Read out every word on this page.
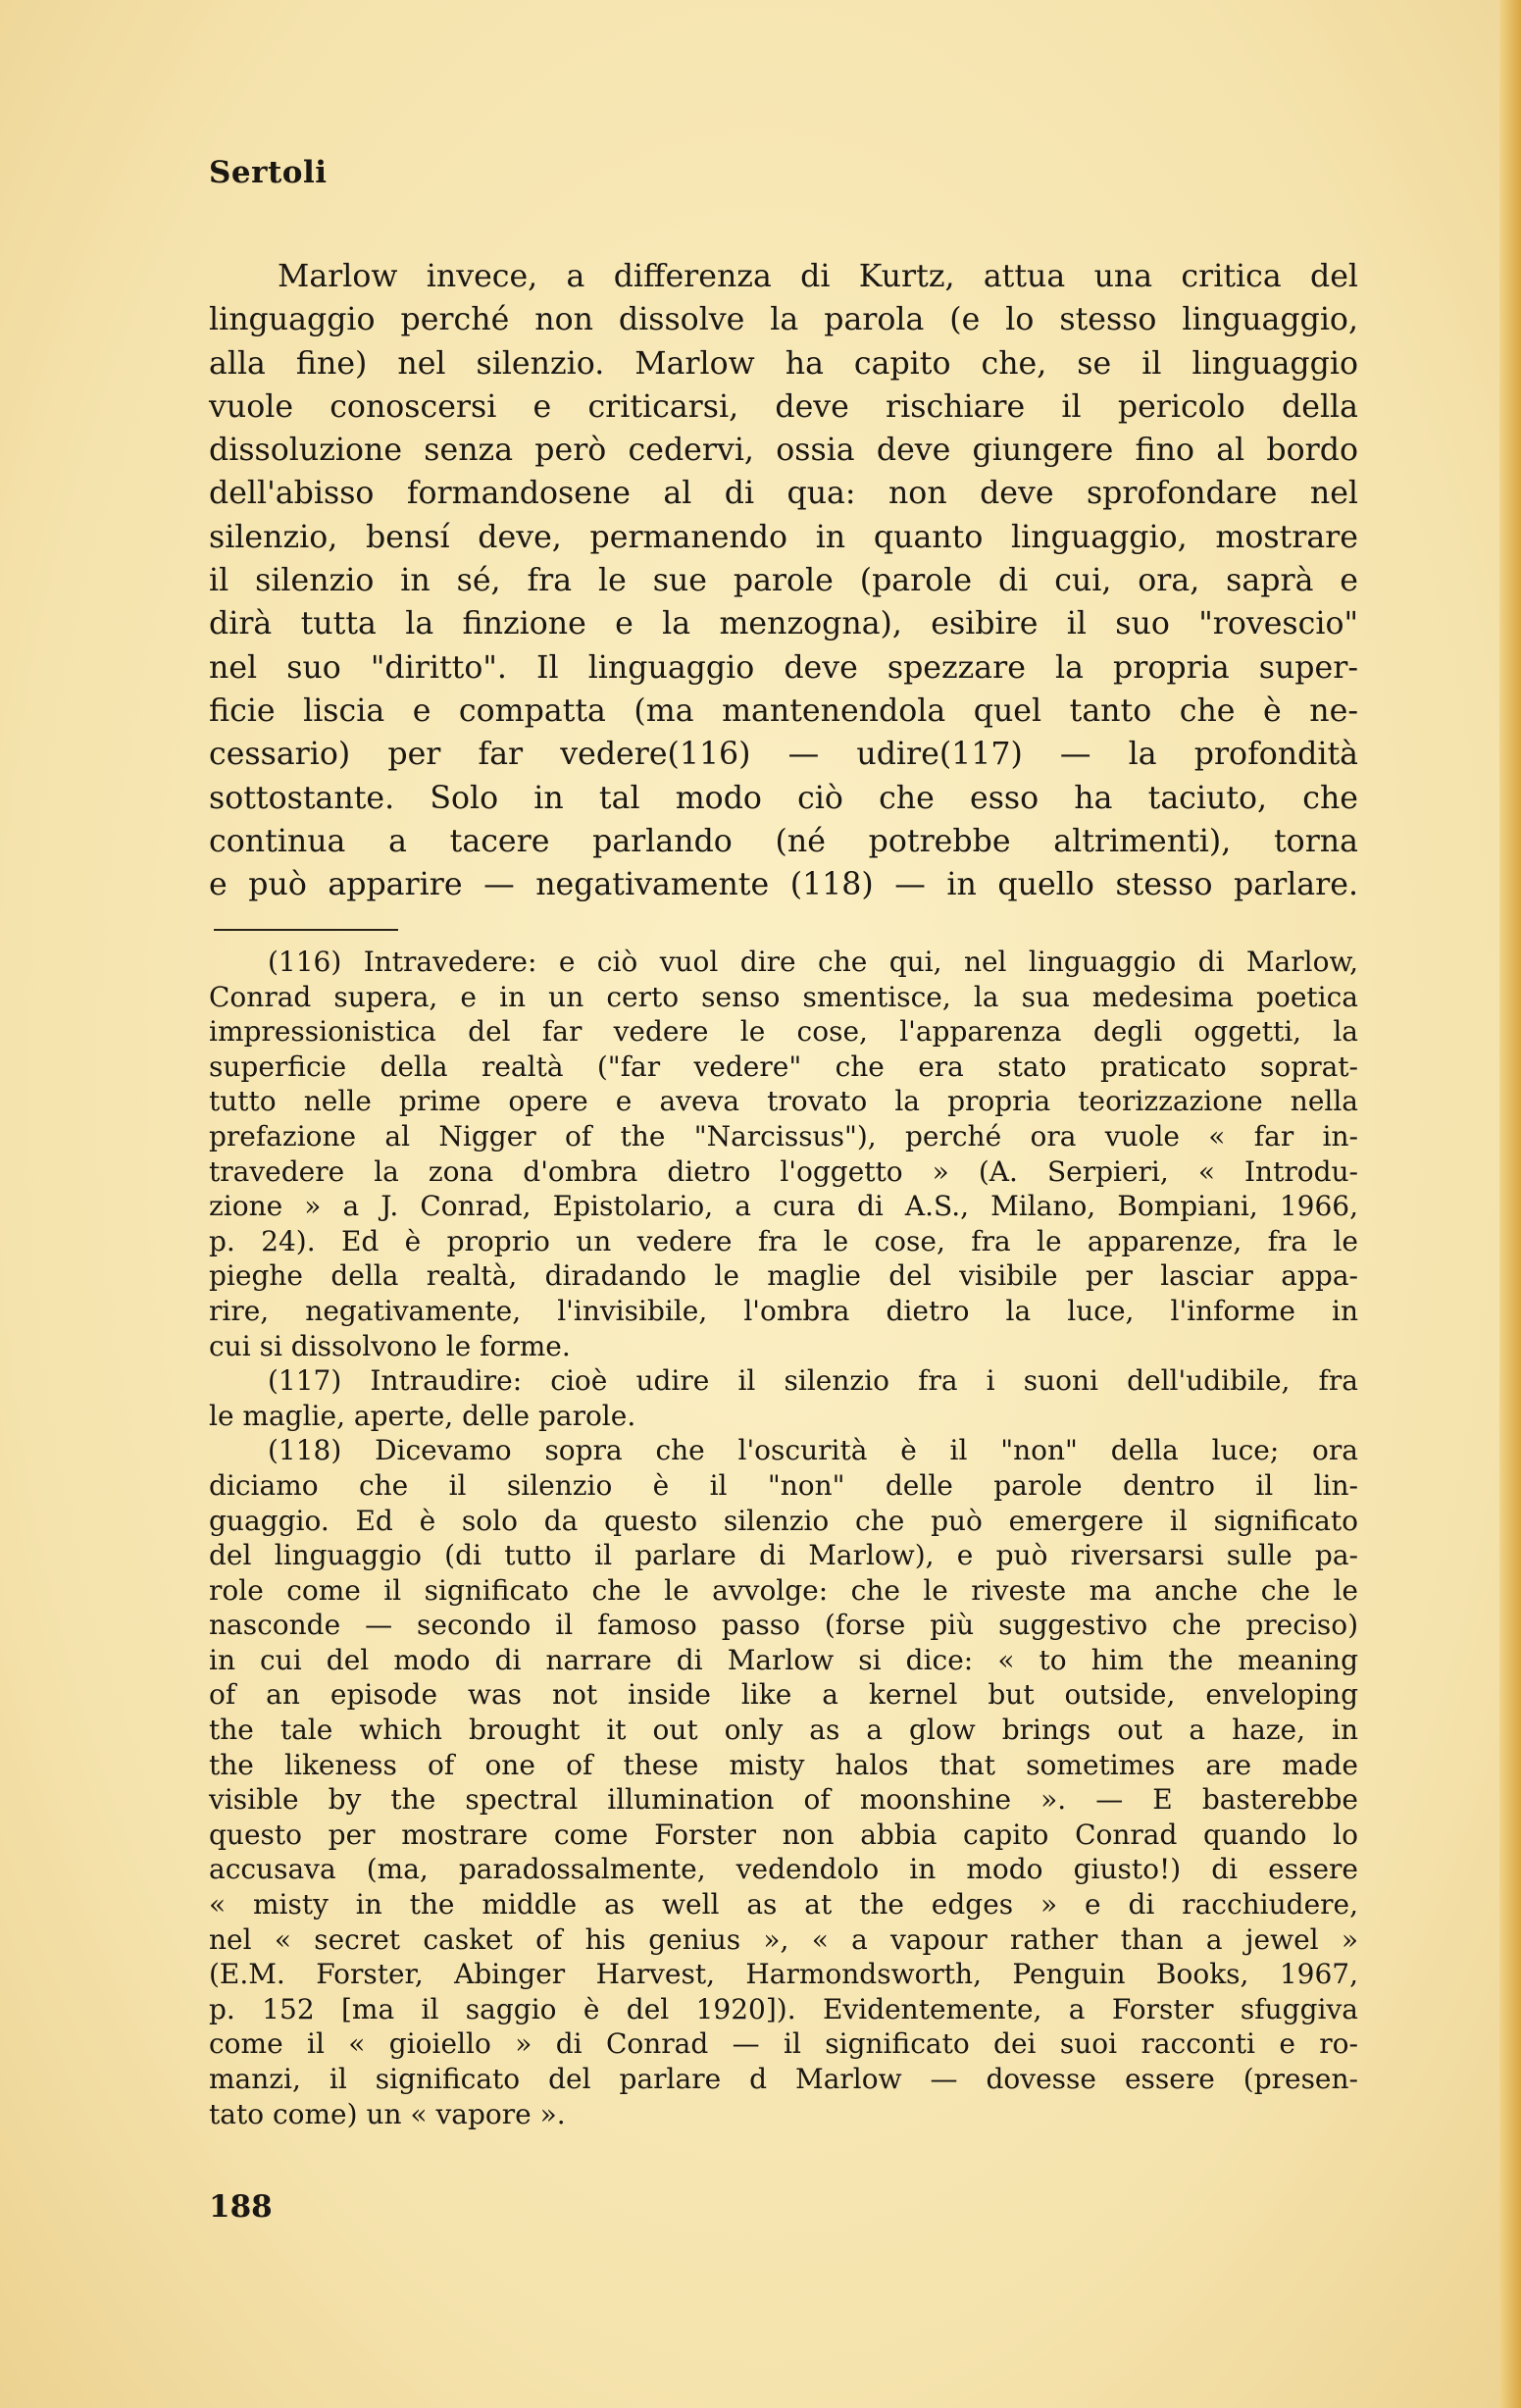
Sertoli
Marlow invece, a differenza di Kurtz, attua una critica del
linguaggio perché non dissolve la parola (e lo stesso linguaggio,
alla fine) nel silenzio. Marlow ha capito che, se il linguaggio
vuole conoscersi e criticarsi, deve rischiare il pericolo della
dissoluzione senza però cedervi, ossia deve giungere fino al bordo
dell'abisso formandosene al di qua: non deve sprofondare nel
silenzio, bensí deve, permanendo in quanto linguaggio, mostrare
il silenzio in sé, fra le sue parole (parole di cui, ora, saprà e
dirà tutta la finzione e la menzogna), esibire il suo "rovescio"
nel suo "diritto". Il linguaggio deve spezzare la propria super-
ficie liscia e compatta (ma mantenendola quel tanto che è ne-
cessario) per far vedere(116) — udire(117) — la profondità
sottostante. Solo in tal modo ciò che esso ha taciuto, che
continua a tacere parlando (né potrebbe altrimenti), torna
e può apparire — negativamente (118) — in quello stesso parlare.
(116) Intravedere: e ciò vuol dire che qui, nel linguaggio di Marlow,
Conrad supera, e in un certo senso smentisce, la sua medesima poetica
impressionistica del far vedere le cose, l'apparenza degli oggetti, la
superficie della realtà ("far vedere" che era stato praticato soprat-
tutto nelle prime opere e aveva trovato la propria teorizzazione nella
prefazione al Nigger of the "Narcissus"), perché ora vuole « far in-
travedere la zona d'ombra dietro l'oggetto » (A. Serpieri, « Introdu-
zione » a J. Conrad, Epistolario, a cura di A.S., Milano, Bompiani, 1966,
p. 24). Ed è proprio un vedere fra le cose, fra le apparenze, fra le
pieghe della realtà, diradando le maglie del visibile per lasciar appa-
rire, negativamente, l'invisibile, l'ombra dietro la luce, l'informe in
cui si dissolvono le forme.
(117) Intraudire: cioè udire il silenzio fra i suoni dell'udibile, fra
le maglie, aperte, delle parole.
(118) Dicevamo sopra che l'oscurità è il "non" della luce; ora
diciamo che il silenzio è il "non" delle parole dentro il lin-
guaggio. Ed è solo da questo silenzio che può emergere il significato
del linguaggio (di tutto il parlare di Marlow), e può riversarsi sulle pa-
role come il significato che le avvolge: che le riveste ma anche che le
nasconde — secondo il famoso passo (forse più suggestivo che preciso)
in cui del modo di narrare di Marlow si dice: « to him the meaning
of an episode was not inside like a kernel but outside, enveloping
the tale which brought it out only as a glow brings out a haze, in
the likeness of one of these misty halos that sometimes are made
visible by the spectral illumination of moonshine ». — E basterebbe
questo per mostrare come Forster non abbia capito Conrad quando lo
accusava (ma, paradossalmente, vedendolo in modo giusto!) di essere
« misty in the middle as well as at the edges » e di racchiudere,
nel « secret casket of his genius », « a vapour rather than a jewel »
(E.M. Forster, Abinger Harvest, Harmondsworth, Penguin Books, 1967,
p. 152 [ma il saggio è del 1920]). Evidentemente, a Forster sfuggiva
come il « gioiello » di Conrad — il significato dei suoi racconti e ro-
manzi, il significato del parlare d Marlow — dovesse essere (presen-
tato come) un « vapore ».
188
